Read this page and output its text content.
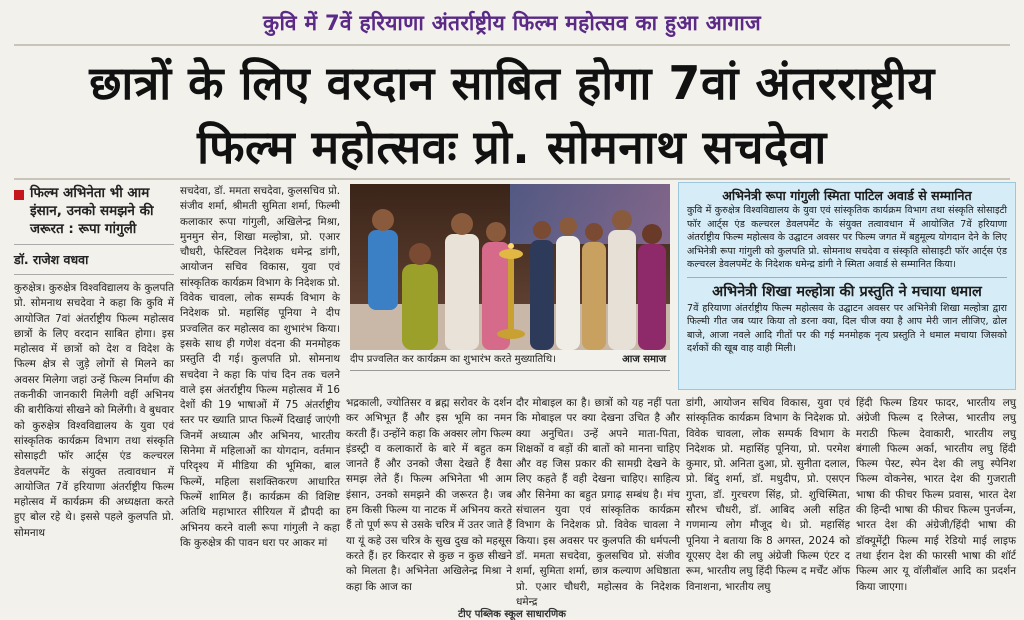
कुवि में 7वें हरियाणा अंतर्राष्ट्रीय फिल्म महोत्सव का हुआ आगाज
छात्रों के लिए वरदान साबित होगा 7वां अंतरराष्ट्रीय
फिल्म महोत्सवः प्रो. सोमनाथ सचदेवा
फिल्म अभिनेता भी आम इंसान, उनको समझने की जरूरत : रूपा गांगुली
डॉ. राजेश वधवा

कुरुक्षेत्र। कुरुक्षेत्र विश्वविद्यालय के कुलपति प्रो. सोमनाथ सचदेवा ने कहा कि कुवि में आयोजित 7वां अंतर्राष्ट्रीय फिल्म महोत्सव छात्रों के लिए वरदान साबित होगा। इस महोत्सव में छात्रों को देश व विदेश के फिल्म क्षेत्र से जुड़े लोगों से मिलने का अवसर मिलेगा जहां उन्हें फिल्म निर्माण की तकनीकी जानकारी मिलेगी वहीं अभिनय की बारीकियां सीखने को मिलेंगी। वे बुधवार को कुरुक्षेत्र विश्वविद्यालय के युवा एवं सांस्कृतिक कार्यक्रम विभाग तथा संस्कृति सोसाइटी फॉर आर्ट्स एंड कल्चरल डेवलपमेंट के संयुक्त तत्वावधान में आयोजित 7वें हरियाणा अंतर्राष्ट्रीय फिल्म महोत्सव में कार्यक्रम की अध्यक्षता करते हुए बोल रहे थे। इससे पहले कुलपति प्रो. सोमनाथ

सचदेवा, डॉ. ममता सचदेवा, कुलसचिव प्रो. संजीव शर्मा, श्रीमती सुमिता शर्मा, फिल्मी कलाकार रूपा गांगुली, अखिलेन्द्र मिश्रा, मुनमुन सेन, शिखा मल्होत्रा, प्रो. एआर चौधरी, फेस्टिवल निदेशक धमेन्द्र डांगी, आयोजन सचिव विकास, युवा एवं सांस्कृतिक कार्यक्रम विभाग के निदेशक प्रो. विवेक चावला, लोक सम्पर्क विभाग के निदेशक प्रो. महासिंह पूनिया ने दीप प्रज्वलित कर महोत्सव का शुभारंभ किया। इसके साथ ही गणेश वंदना की मनमोहक प्रस्तुति दी गई। कुलपति प्रो. सोमनाथ सचदेवा ने कहा कि पांच दिन तक चलने वाले इस अंतर्राष्ट्रीय फिल्म महोत्सव में 16 देशों की 19 भाषाओं में 75 अंतर्राष्ट्रीय स्तर पर ख्याति प्राप्त फिल्में दिखाई जाएंगी जिनमें अध्यात्म और अभिनय, भारतीय सिनेमा में महिलाओं का योगदान, वर्तमान परिदृश्य में मीडिया की भूमिका, बाल फिल्में, महिला सशक्तिकरण आधारित फिल्में शामिल हैं। कार्यक्रम की विशिष्ट अतिथि महाभारत सीरियल में द्रौपदी का अभिनय करने वाली रूपा गांगुली ने कहा कि कुरुक्षेत्र की पावन धरा पर आकर मां

दीप प्रज्वलित कर कार्यक्रम का शुभारंभ करते मुख्यातिथि।	आज समाज

भद्रकाली, ज्योतिसर व ब्रह्म सरोवर के दर्शन कर अभिभूत हैं और इस भूमि का नमन करती हैं। उन्होंने कहा कि अक्सर लोग फिल्म इंडस्ट्री व कलाकारों के बारे में बहुत कम जानते हैं और उनको जैसा देखते हैं वैसा समझ लेते हैं। फिल्म अभिनेता भी आम इंसान, उनको समझने की जरूरत है। जब हम किसी फिल्म या नाटक में अभिनय करते हैं तो पूर्ण रूप से उसके चरित्र में उतर जाते हैं या यूं कहे उस चरित्र के सुख दुख को महसूस करते हैं। हर किरदार से कुछ न कुछ सीखने को मिलता है। अभिनेता अखिलेन्द्र मिश्रा ने कहा कि आज का

दौर मोबाइल का है। छात्रों को यह नहीं पता कि मोबाइल पर क्या देखना उचित है और क्या अनुचित। उन्हें अपने माता-पिता, शिक्षकों व बड़ों की बातों को मानना चाहिए और वह जिस प्रकार की सामग्री देखने के लिए कहते हैं वही देखना चाहिए। साहित्य और सिनेमा का बहुत प्रगाढ़ सम्बंध है। मंच संचालन युवा एवं सांस्कृतिक कार्यक्रम विभाग के निदेशक प्रो. विवेक चावला ने किया। इस अवसर पर कुलपति की धर्मपत्नी डॉ. ममता सचदेवा, कुलसचिव प्रो. संजीव शर्मा, सुमिता शर्मा, छात्र कल्याण अधिष्ठाता प्रो. एआर चौधरी, महोत्सव के निदेशक धमेन्द्र

डांगी, आयोजन सचिव विकास, युवा एवं सांस्कृतिक कार्यक्रम विभाग के निदेशक प्रो. विवेक चावला, लोक सम्पर्क विभाग के निदेशक प्रो. महासिंह पूनिया, प्रो. परमेश कुमार, प्रो. अनिता दुआ, प्रो. सुनीता दलाल, प्रो. बिंदु शर्मा, डॉ. मधुदीप, प्रो. एसएन गुप्ता, डॉ. गुरचरण सिंह, प्रो. शुचिस्मिता, सौरभ चौधरी, डॉ. आबिद अली सहित गणमान्य लोग मौजूद थे। प्रो. महासिंह पूनिया ने बताया कि 8 अगस्त, 2024 को यूएसए देश की लघु अंग्रेजी फिल्म एंटर द रूम, भारतीय लघु हिंदी फिल्म द मर्चेंट ऑफ विनाशना, भारतीय लघु

हिंदी फिल्म डियर फादर, भारतीय लघु अंग्रेजी फिल्म द रिलेप्स, भारतीय लघु मराठी फिल्म देवाकारी, भारतीय लघु बंगाली फिल्म अर्का, भारतीय लघु हिंदी फिल्म पेस्ट, स्पेन देश की लघु स्पेनिश फिल्म वोकनेस, भारत देश की गुजराती भाषा की फीचर फिल्म प्रवास, भारत देश की हिन्दी भाषा की फीचर फिल्म पुनर्जन्म, भारत देश की अंग्रेजी/हिंदी भाषा की डॉक्यूमेंट्री फिल्म माई रेडियो माई लाइफ तथा ईरान देश की फारसी भाषा की शॉर्ट फिल्म आर यू वॉलीबॉल आदि का प्रदर्शन किया जाएगा।

अभिनेत्री रूपा गांगुली स्मिता पाटिल अवार्ड से सम्मानित

कुवि में कुरुक्षेत्र विश्वविद्यालय के युवा एवं सांस्कृतिक कार्यक्रम विभाग तथा संस्कृति सोसाइटी फॉर आर्ट्स एंड कल्चरल डेवलपमेंट के संयुक्त तत्वावधान में आयोजित 7वें हरियाणा अंतर्राष्ट्रीय फिल्म महोत्सव के उद्घाटन अवसर पर फिल्म जगत में बहुमूल्य योगदान देने के लिए अभिनेत्री रूपा गांगुली को कुलपति प्रो. सोमनाथ सचदेवा व संस्कृति सोसाइटी फॉर आर्ट्स एंड कल्चरल डेवलपमेंट के निदेशक धमेन्द्र डांगी ने स्मिता अवार्ड से सम्मानित किया।

अभिनेत्री शिखा मल्होत्रा की प्रस्तुति ने मचाया धमाल

7वें हरियाणा अंतर्राष्ट्रीय फिल्म महोत्सव के उद्घाटन अवसर पर अभिनेत्री शिखा मल्होत्रा द्वारा फिल्मी गीत जब प्यार किया तो डरना क्या, दिल चीज क्या है आप मेरी जान लीजिए, ढोल बाजे, आजा नवले आदि गीतों पर की गई मनमोहक नृत्य प्रस्तुति ने धमाल मचाया जिसको दर्शकों की खूब वाह वाही मिली।

टीए पब्लिक स्कूल साधारणिक
